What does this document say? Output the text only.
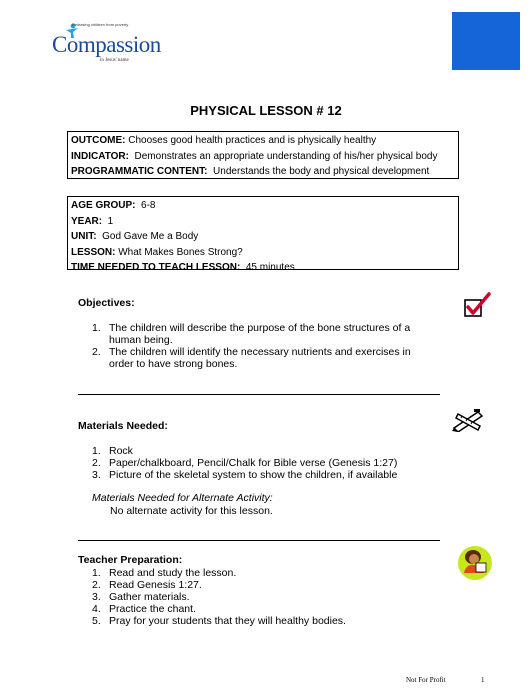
Releasing children from poverty
Compassion
in Jesus' name
PHYSICAL LESSON # 12
OUTCOME: Chooses good health practices and is physically healthy
INDICATOR:  Demonstrates an appropriate understanding of his/her physical body
PROGRAMMATIC CONTENT:  Understands the body and physical development
AGE GROUP:  6-8
YEAR:  1
UNIT:  God Gave Me a Body
LESSON: What Makes Bones Strong?
TIME NEEDED TO TEACH LESSON:  45 minutes
Objectives:
1. The children will describe the purpose of the bone structures of a human being.
2. The children will identify the necessary nutrients and exercises in order to have strong bones.
Materials Needed:
1. Rock
2. Paper/chalkboard, Pencil/Chalk for Bible verse (Genesis 1:27)
3. Picture of the skeletal system to show the children, if available
Materials Needed for Alternate Activity:
No alternate activity for this lesson.
Teacher Preparation:
1. Read and study the lesson.
2. Read Genesis 1:27.
3. Gather materials.
4. Practice the chant.
5. Pray for your students that they will healthy bodies.
Not For Profit	1
